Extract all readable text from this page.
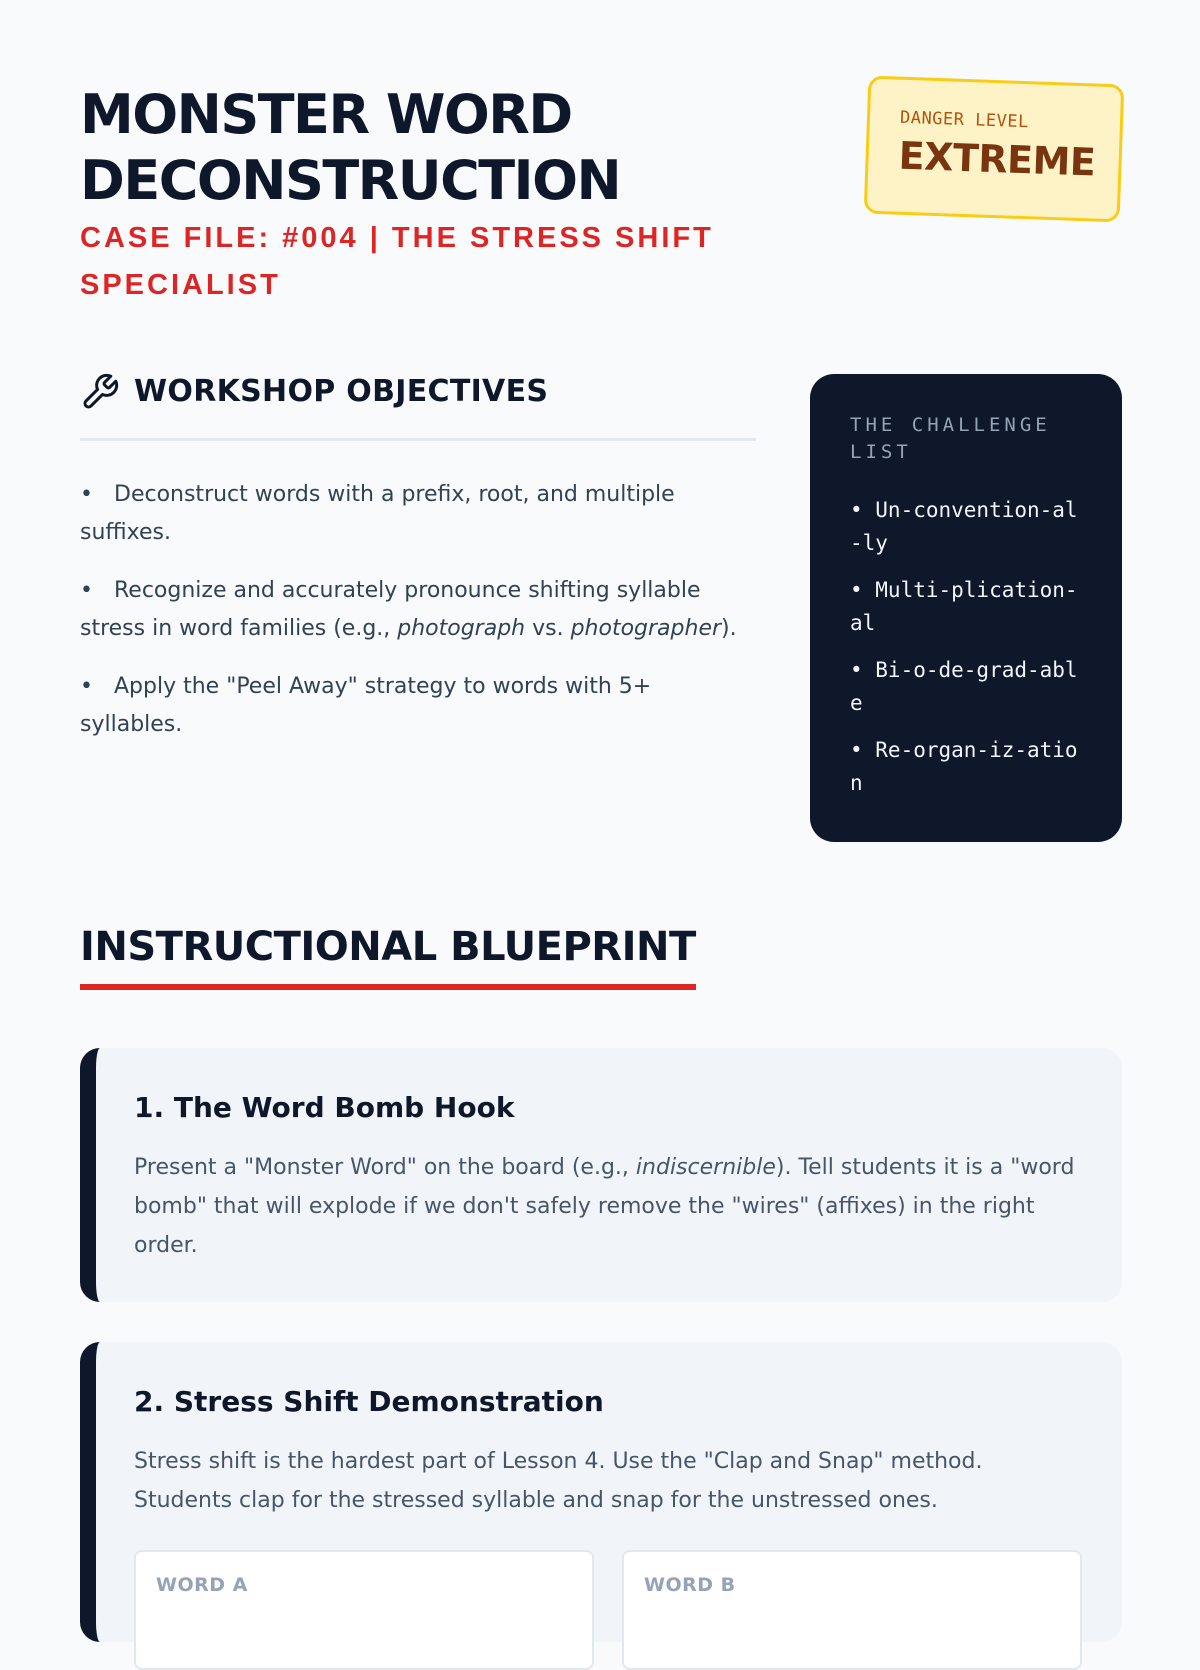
MONSTER WORD
DECONSTRUCTION
CASE FILE: #004 | THE STRESS SHIFT SPECIALIST
DANGER LEVEL
EXTREME
WORKSHOP OBJECTIVES
• Deconstruct words with a prefix, root, and multiple suffixes.
• Recognize and accurately pronounce shifting syllable stress in word families (e.g., photograph vs. photographer).
• Apply the "Peel Away" strategy to words with 5+ syllables.
THE CHALLENGE LIST
• Un-convention-al-ly
• Multi-plication-al
• Bi-o-de-grad-able
• Re-organ-iz-ation
INSTRUCTIONAL BLUEPRINT
1. The Word Bomb Hook

Present a "Monster Word" on the board (e.g., indiscernible). Tell students it is a "word bomb" that will explode if we don't safely remove the "wires" (affixes) in the right order.

2. Stress Shift Demonstration

Stress shift is the hardest part of Lesson 4. Use the "Clap and Snap" method. Students clap for the stressed syllable and snap for the unstressed ones.

WORD A	WORD B
